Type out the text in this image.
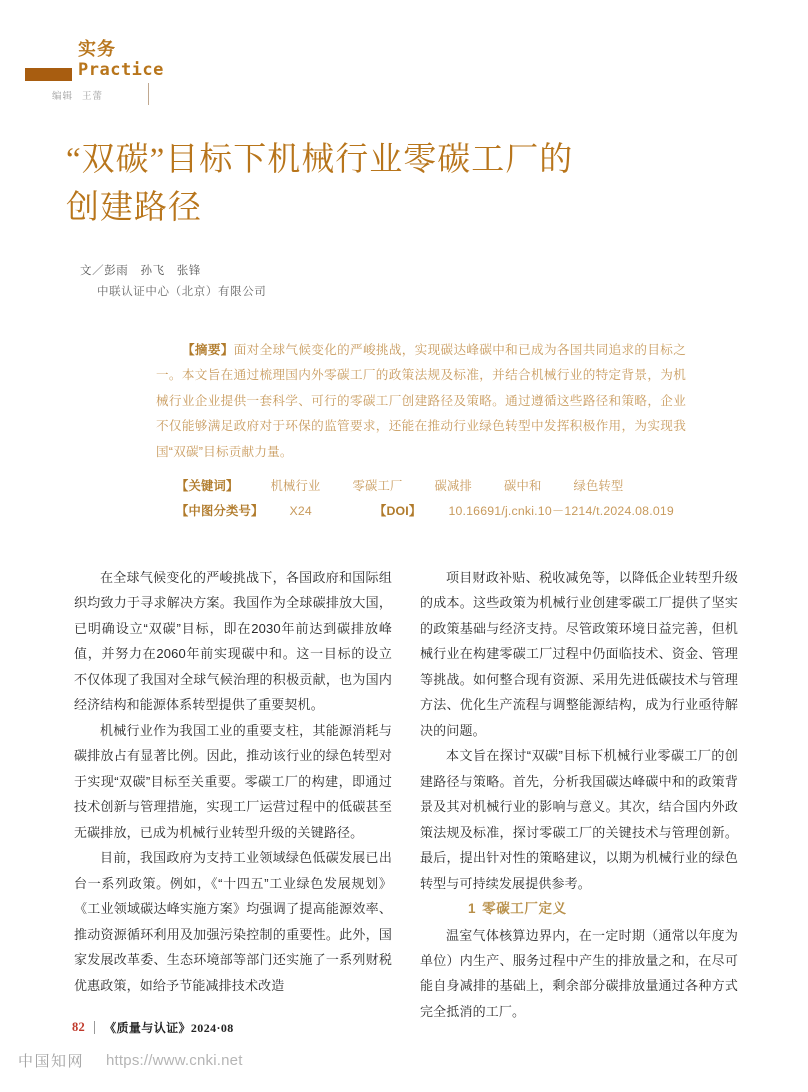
实务
Practice
编辑 王蕾
“双碳”目标下机械行业零碳工厂的
创建路径
文／彭雨　孙飞　张锋
中联认证中心（北京）有限公司
【摘要】面对全球气候变化的严峻挑战，实现碳达峰碳中和已成为各国共同追求的目标之一。本文旨在通过梳理国内外零碳工厂的政策法规及标准，并结合机械行业的特定背景，为机械行业企业提供一套科学、可行的零碳工厂创建路径及策略。通过遵循这些路径和策略，企业不仅能够满足政府对于环保的监管要求，还能在推动行业绿色转型中发挥积极作用，为实现我国“双碳”目标贡献力量。
【关键词】	机械行业	零碳工厂	碳减排	碳中和	绿色转型
【中图分类号】 X24	【DOI】 10.16691/j.cnki.10－1214/t.2024.08.019

在全球气候变化的严峻挑战下，各国政府和国际组织均致力于寻求解决方案。我国作为全球碳排放大国，已明确设立“双碳”目标，即在2030年前达到碳排放峰值，并努力在2060年前实现碳中和。这一目标的设立不仅体现了我国对全球气候治理的积极贡献，也为国内经济结构和能源体系转型提供了重要契机。

机械行业作为我国工业的重要支柱，其能源消耗与碳排放占有显著比例。因此，推动该行业的绿色转型对于实现“双碳”目标至关重要。零碳工厂的构建，即通过技术创新与管理措施，实现工厂运营过程中的低碳甚至无碳排放，已成为机械行业转型升级的关键路径。

目前，我国政府为支持工业领域绿色低碳发展已出台一系列政策。例如，《“十四五”工业绿色发展规划》《工业领域碳达峰实施方案》均强调了提高能源效率、推动资源循环利用及加强污染控制的重要性。此外，国家发展改革委、生态环境部等部门还实施了一系列财税优惠政策，如给予节能减排技术改造

项目财政补贴、税收减免等，以降低企业转型升级的成本。这些政策为机械行业创建零碳工厂提供了坚实的政策基础与经济支持。尽管政策环境日益完善，但机械行业在构建零碳工厂过程中仍面临技术、资金、管理等挑战。如何整合现有资源、采用先进低碳技术与管理方法、优化生产流程与调整能源结构，成为行业亟待解决的问题。

本文旨在探讨“双碳”目标下机械行业零碳工厂的创建路径与策略。首先，分析我国碳达峰碳中和的政策背景及其对机械行业的影响与意义。其次，结合国内外政策法规及标准，探讨零碳工厂的关键技术与管理创新。最后，提出针对性的策略建议，以期为机械行业的绿色转型与可持续发展提供参考。

1 零碳工厂定义

温室气体核算边界内，在一定时期（通常以年度为单位）内生产、服务过程中产生的排放量之和，在尽可能自身减排的基础上，剩余部分碳排放量通过各种方式完全抵消的工厂。

82 《质量与认证》2024·08
中国知网 https://www.cnki.net
